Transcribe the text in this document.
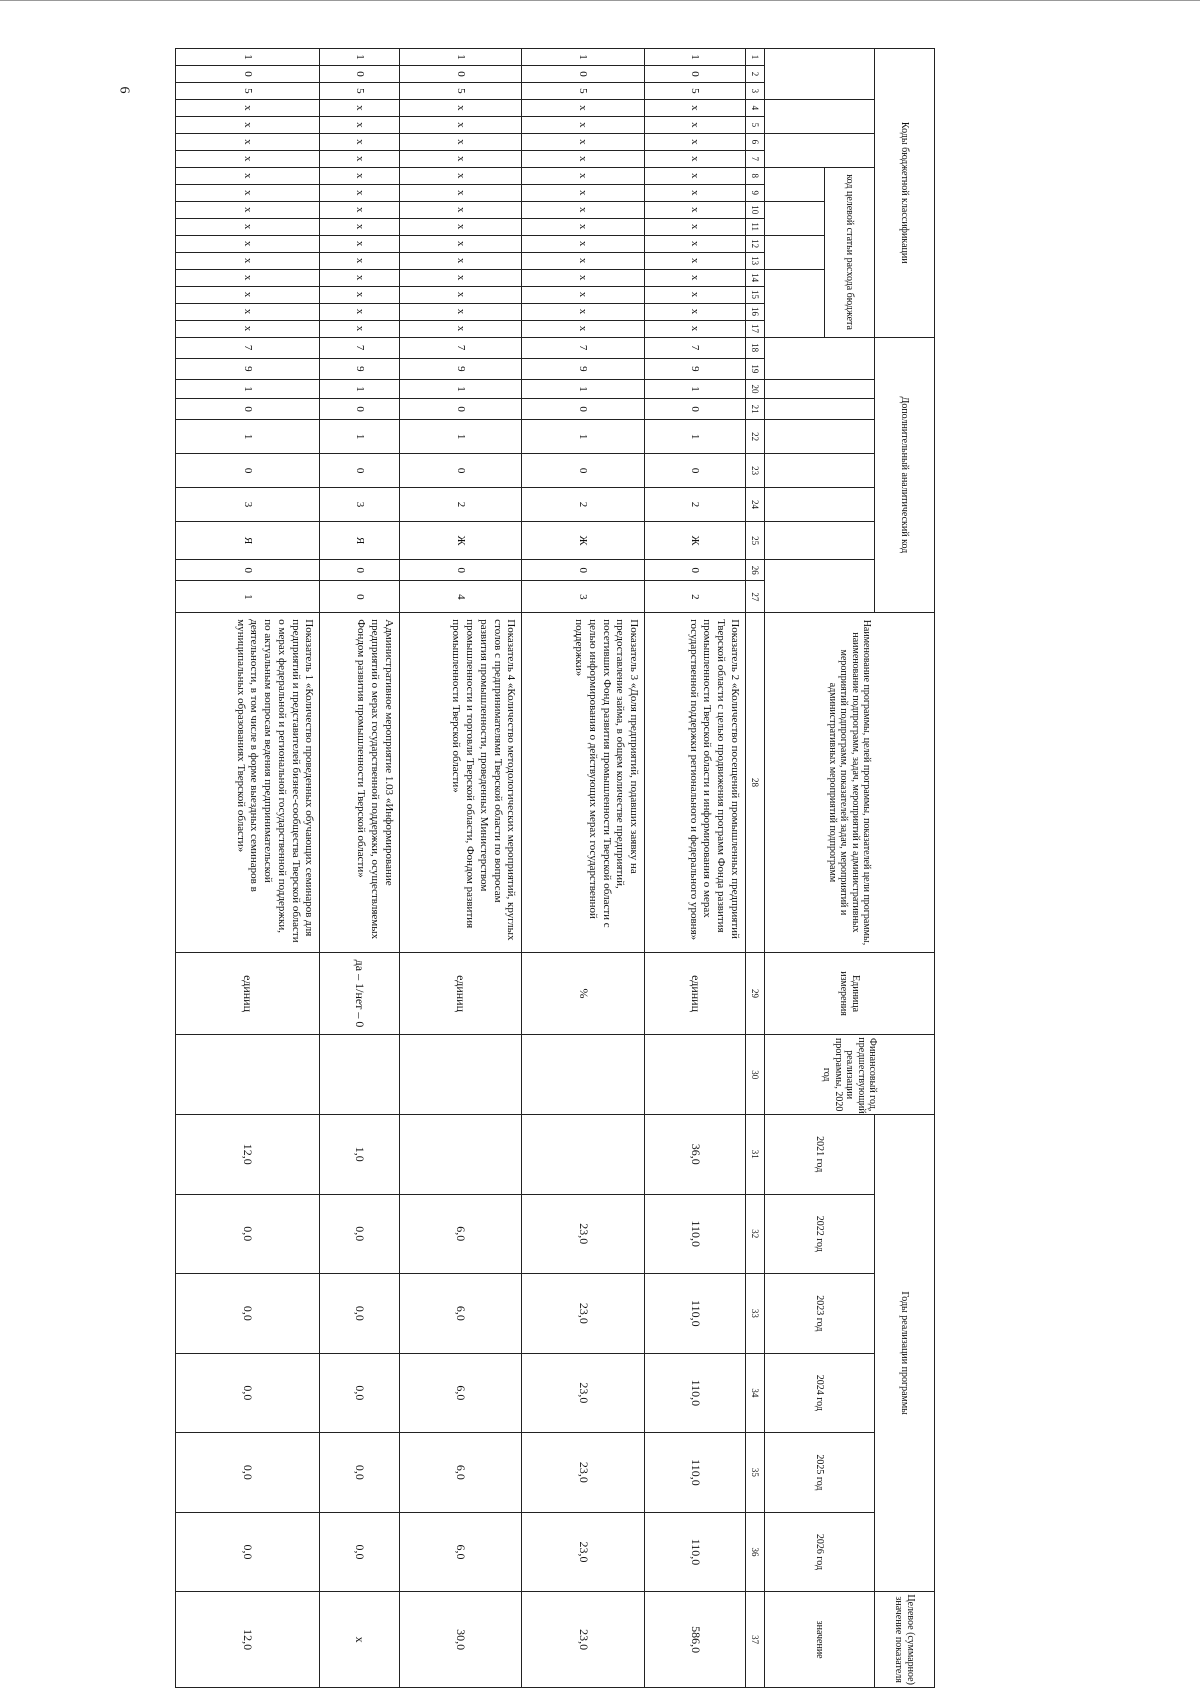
6
Коды бюджетной классификации																	Дополнительный аналитический код										Наименование программы, целей программы, показателей цели программы, наименование подпрограмм, задач, мероприятий и административных мероприятий подпрограмм, показателей задач, мероприятий и административных мероприятий подпрограмм	Единица измерения	Финансовый год, предшествующий реализации программы, 2020 год	Годы реализации программы						Целевое (суммарное) значение показателя
							код целевой статьи расхода бюджета																							2021 год	2022 год	2023 год	2024 год	2025 год	2026 год	значение

1	2	3	4	5	6	7	8	9	10	11	12	13	14	15	16	17	18	19	20	21	22	23	24	25	26	27	28	29	30	31	32	33	34	35	36	37
1	0	5	x	x	x	x	x	x	x	x	x	x	x	x	x	x	7	9	1	0	1	0	2	Ж	0	2	Показатель 2 «Количество посещений промышленных предприятий Тверской области с целью продвижения программ Фонда развития промышленности Тверской области и информирования о мерах государственной поддержки регионального и федерального уровня»	единиц		36,0	110,0	110,0	110,0	110,0	110,0	586,0
1	0	5	x	x	x	x	x	x	x	x	x	x	x	x	x	x	7	9	1	0	1	0	2	Ж	0	3	Показатель 3 «Доля предприятий, подавших заявку на предоставление займа, в общем количестве предприятий, посетивших Фонд развития промышленности Тверской области с целью информирования о действующих мерах государственной поддержки»	%			23,0	23,0	23,0	23,0	23,0	23,0
1	0	5	x	x	x	x	x	x	x	x	x	x	x	x	x	x	7	9	1	0	1	0	2	Ж	0	4	Показатель 4 «Количество методологических мероприятий, круглых столов с предпринимателями Тверской области по вопросам развития промышленности, проведенных Министерством промышленности и торговли Тверской области, Фондом развития промышленности Тверской области»	единиц			6,0	6,0	6,0	6,0	6,0	30,0
1	0	5	x	x	x	x	x	x	x	x	x	x	x	x	x	x	7	9	1	0	1	0	3	Я	0	0	Административное мероприятие 1.03 «Информирование предприятий о мерах государственной поддержки, осуществляемых Фондом развития промышленности Тверской области»	да – 1/нет – 0		1,0	0,0	0,0	0,0	0,0	0,0	x
1	0	5	x	x	x	x	x	x	x	x	x	x	x	x	x	x	7	9	1	0	1	0	3	Я	0	1	Показатель 1 «Количество проведенных обучающих семинаров для предприятий и представителей бизнес-сообщества Тверской области о мерах федеральной и региональной государственной поддержки, по актуальным вопросам ведения предпринимательской деятельности, в том числе в форме выездных семинаров в муниципальных образованиях Тверской области»	единиц		12,0	0,0	0,0	0,0	0,0	0,0	12,0
